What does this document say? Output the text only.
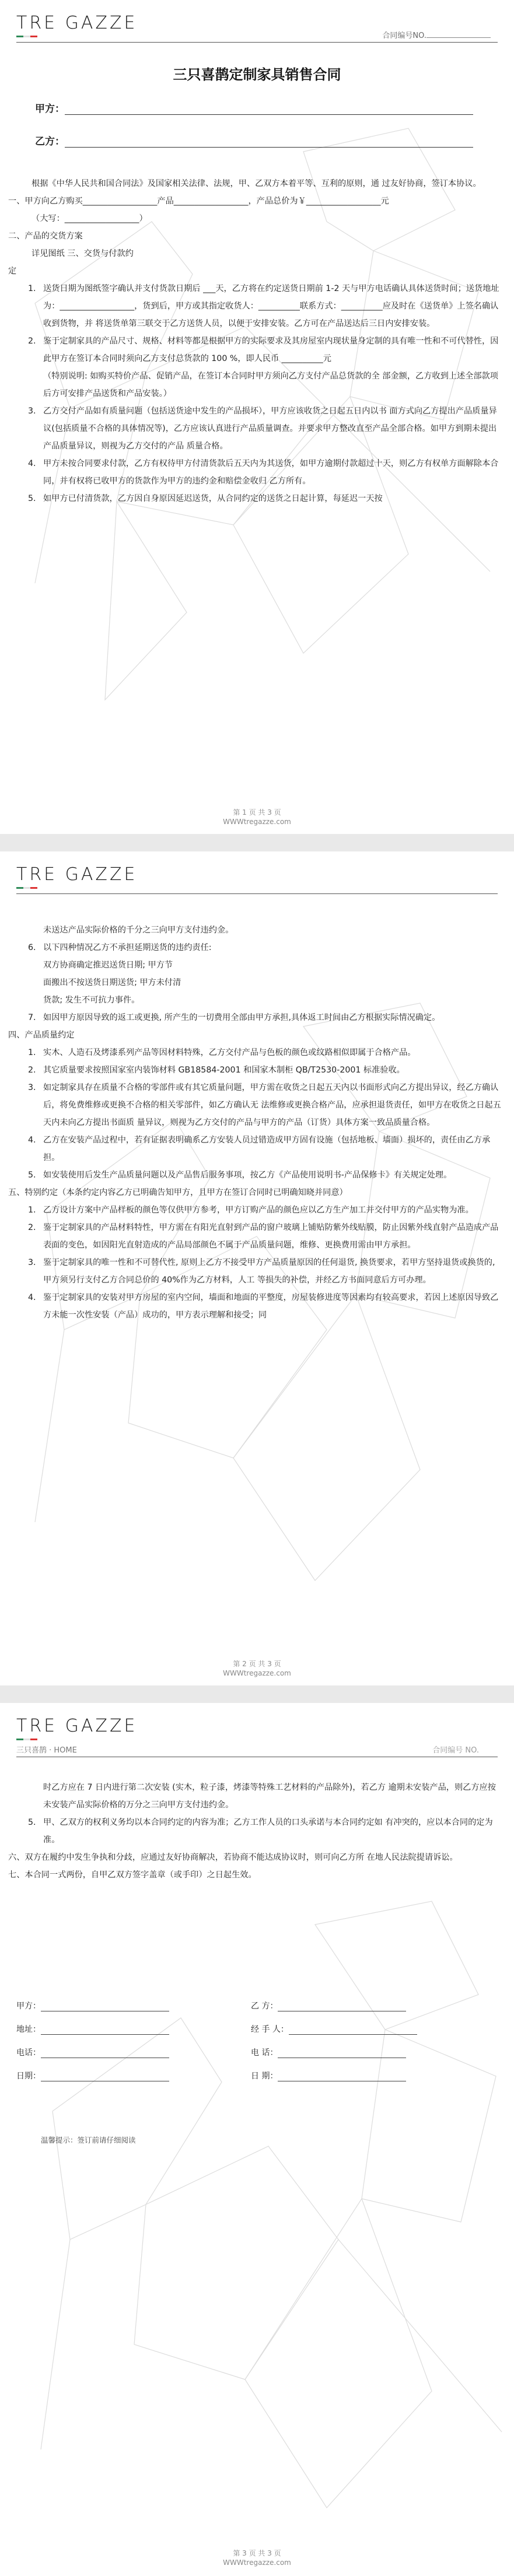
TRE GAZZE
合同编号NO.
三只喜鹊定制家具销售合同
甲方：
乙方：

根据《中华人民共和国合同法》及国家相关法律、法规，甲、乙双方本着平等、互利的原则，通 过友好协商，签订本协议。

一、甲方向乙方购买__________________产品__________________，产品总价为￥__________________元

（大写：__________________）

二、产品的交货方案

详见图纸 三、交货与付款约

定

1. 送货日期为图纸签字确认并支付货款日期后 ___天，乙方将在约定送货日期前 1-2 天与甲方电话确认具体送货时间；送货地址为：__________________，货到后，甲方或其指定收货人：__________联系方式：__________应及时在《送货单》上签名确认收到货物，并 将送货单第三联交于乙方送货人员，以便于安排安装。乙方可在产品送达后三日内安排安装。

2. 鉴于定制家具的产品尺寸、规格、材料等都是根据甲方的实际要求及其房屋室内现状量身定制的具有唯一性和不可代替性，因此甲方在签订本合同时须向乙方支付总货款的 100 %，即人民币 __________元

（特别说明: 如购买特价产品、促销产品，在签订本合同时甲方须向乙方支付产品总货款的全 部金额，乙方收到上述全部款项后方可安排产品送货和产品安装。）

3. 乙方交付产品如有质量问题（包括送货途中发生的产品损坏），甲方应该收货之日起五日内以书 面方式向乙方提出产品质量异议(包括质量不合格的具体情况等)，乙方应该认真进行产品质量调查。并要求甲方整改直至产品全部合格。如甲方到期未提出产品质量异议，则视为乙方交付的产品 质量合格。

4. 甲方未按合同要求付款，乙方有权待甲方付清货款后五天内为其送货，如甲方逾期付款超过十天，则乙方有权单方面解除本合同，并有权将已收甲方的货款作为甲方的违约金和赔偿金收归 乙方所有。

5. 如甲方已付清货款，乙方因自身原因延迟送货，从合同约定的送货之日起计算，每延迟一天按

第 1 页 共 3 页
WWWtregazze.com
TRE GAZZE

未送达产品实际价格的千分之三向甲方支付违约金。

6. 以下四种情况乙方不承担延期送货的违约责任:

双方协商确定推迟送货日期; 甲方节

面搬出不按送货日期送货; 甲方未付清

货款; 发生不可抗力事件。

7. 如因甲方原因导致的返工或更换, 所产生的一切费用全部由甲方承担,具体返工时间由乙方根据实际情况确定。

四、产品质量约定

1. 实木、人造石及烤漆系列产品等因材料特殊，乙方交付产品与色板的颜色或纹路相似即属于合格产品。

2. 其它质量要求按照国家室内装饰材料 GB18584-2001 和国家木制柜 QB/T2530-2001 标准验收。

3. 如定制家具存在质量不合格的零部件或有其它质量问题，甲方需在收货之日起五天内以书面形式向乙方提出异议，经乙方确认后，将免费维修或更换不合格的相关零部件，如乙方确认无 法维修或更换合格产品，应承担退货责任，如甲方在收货之日起五天内未向乙方提出书面质 量异议，则视为乙方交付的产品与甲方的产品（订货）具体方案一致品质量合格。

4. 乙方在安装产品过程中，若有证据表明确系乙方安装人员过错造成甲方固有设施（包括地板、墙面）损坏的，责任由乙方承担。

5. 如安装使用后发生产品质量问题以及产品售后服务事项，按乙方《产品使用说明书-产品保修卡》有关规定处理。

五、特别约定（本条约定内容乙方已明确告知甲方，且甲方在签订合同时已明确知晓并同意）

1. 乙方设计方案中产品样板的颜色等仅供甲方参考，甲方订购产品的颜色应以乙方生产加工并交付甲方的产品实物为准。

2. 鉴于定制家具的产品材料特性，甲方需在有阳光直射到产品的窗户玻璃上铺贴防紫外线贴膜，防止因紫外线直射产品造成产品表面的变色，如因阳光直射造成的产品局部颜色不属于产品质量问题，维修、更换费用需由甲方承担。

3. 鉴于定制家具的唯一性和不可替代性, 原则上乙方不接受甲方产品质量原因的任何退货, 换货要求，若甲方坚持退货或换货的, 甲方须另行支付乙方合同总价的 40%作为乙方材料，人工 等损失的补偿，并经乙方书面同意后方可办理。

4. 鉴于定制家具的安装对甲方房屋的室内空间，墙面和地面的平整度，房屋装修进度等因素均有较高要求，若因上述原因导致乙方未能一次性安装（产品）成功的，甲方表示理解和接受；同

第 2 页 共 3 页
WWWtregazze.com
TRE GAZZE
三只喜鹊 · HOME	合同编号 NO.

时乙方应在 7 日内进行第二次安装 (实木，粒子漆，烤漆等特殊工艺材料的产品除外)，若乙方 逾期未安装产品，则乙方应按未安装产品实际价格的万分之三向甲方支付违约金。

5. 甲、乙双方的权利义务均以本合同约定的内容为准；乙方工作人员的口头承诺与本合同约定如 有冲突的，应以本合同的定为准。

六、双方在履约中发生争执和分歧，应通过友好协商解决，若协商不能达成协议时，则可向乙方所 在地人民法院提请诉讼。

七、本合同一式两份，自甲乙双方签字盖章（或手印）之日起生效。

甲方：
地址：
电话：
日期：
乙 方：
经 手 人：
电 话：
日 期：
温馨提示：签订前请仔细阅读
第 3 页 共 3 页
WWWtregazze.com
